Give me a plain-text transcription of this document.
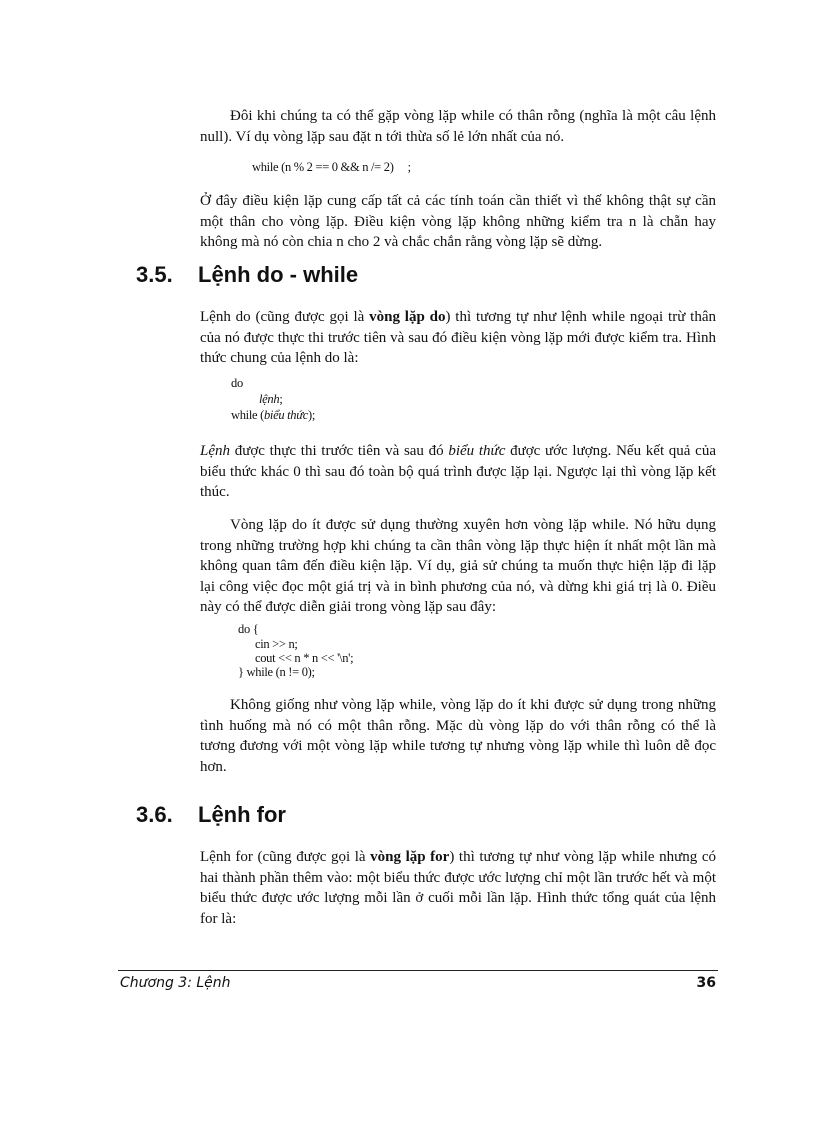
Đôi khi chúng ta có thể gặp vòng lặp while có thân rỗng (nghĩa là một câu lệnh null). Ví dụ vòng lặp sau đặt n tới thừa số lẻ lớn nhất của nó.

while (n % 2 == 0 && n /= 2)     ;

Ở đây điều kiện lặp cung cấp tất cả các tính toán cần thiết vì thế không thật sự cần một thân cho vòng lặp. Điều kiện vòng lặp không những kiểm tra n là chẵn hay không mà nó còn chia n cho 2 và chắc chắn rằng vòng lặp sẽ dừng.

3.5. Lệnh do - while

Lệnh do (cũng được gọi là vòng lặp do) thì tương tự như lệnh while ngoại trừ thân của nó được thực thi trước tiên và sau đó điều kiện vòng lặp mới được kiểm tra. Hình thức chung của lệnh do là:

do

lệnh;

while (biểu thức);

Lệnh được thực thi trước tiên và sau đó biểu thức được ước lượng. Nếu kết quả của biểu thức khác 0 thì sau đó toàn bộ quá trình được lặp lại. Ngược lại thì vòng lặp kết thúc.

Vòng lặp do ít được sử dụng thường xuyên hơn vòng lặp while. Nó hữu dụng trong những trường hợp khi chúng ta cần thân vòng lặp thực hiện ít nhất một lần mà không quan tâm đến điều kiện lặp. Ví dụ, giả sử chúng ta muốn thực hiện lặp đi lặp lại công việc đọc một giá trị và in bình phương của nó, và dừng khi giá trị là 0. Điều này có thể được diễn giải trong vòng lặp sau đây:

do {

cin >> n;

cout << n * n << '\n';

} while (n != 0);

Không giống như vòng lặp while, vòng lặp do ít khi được sử dụng trong những tình huống mà nó có một thân rỗng. Mặc dù vòng lặp do với thân rỗng có thể là tương đương với một vòng lặp while tương tự nhưng vòng lặp while thì luôn dễ đọc hơn.

3.6. Lệnh for

Lệnh for (cũng được gọi là vòng lặp for) thì tương tự như vòng lặp while nhưng có hai thành phần thêm vào: một biểu thức được ước lượng chỉ một lần trước hết và một biểu thức được ước lượng mỗi lần ở cuối mỗi lần lặp. Hình thức tổng quát của lệnh for là:

Chương 3: Lệnh	36
